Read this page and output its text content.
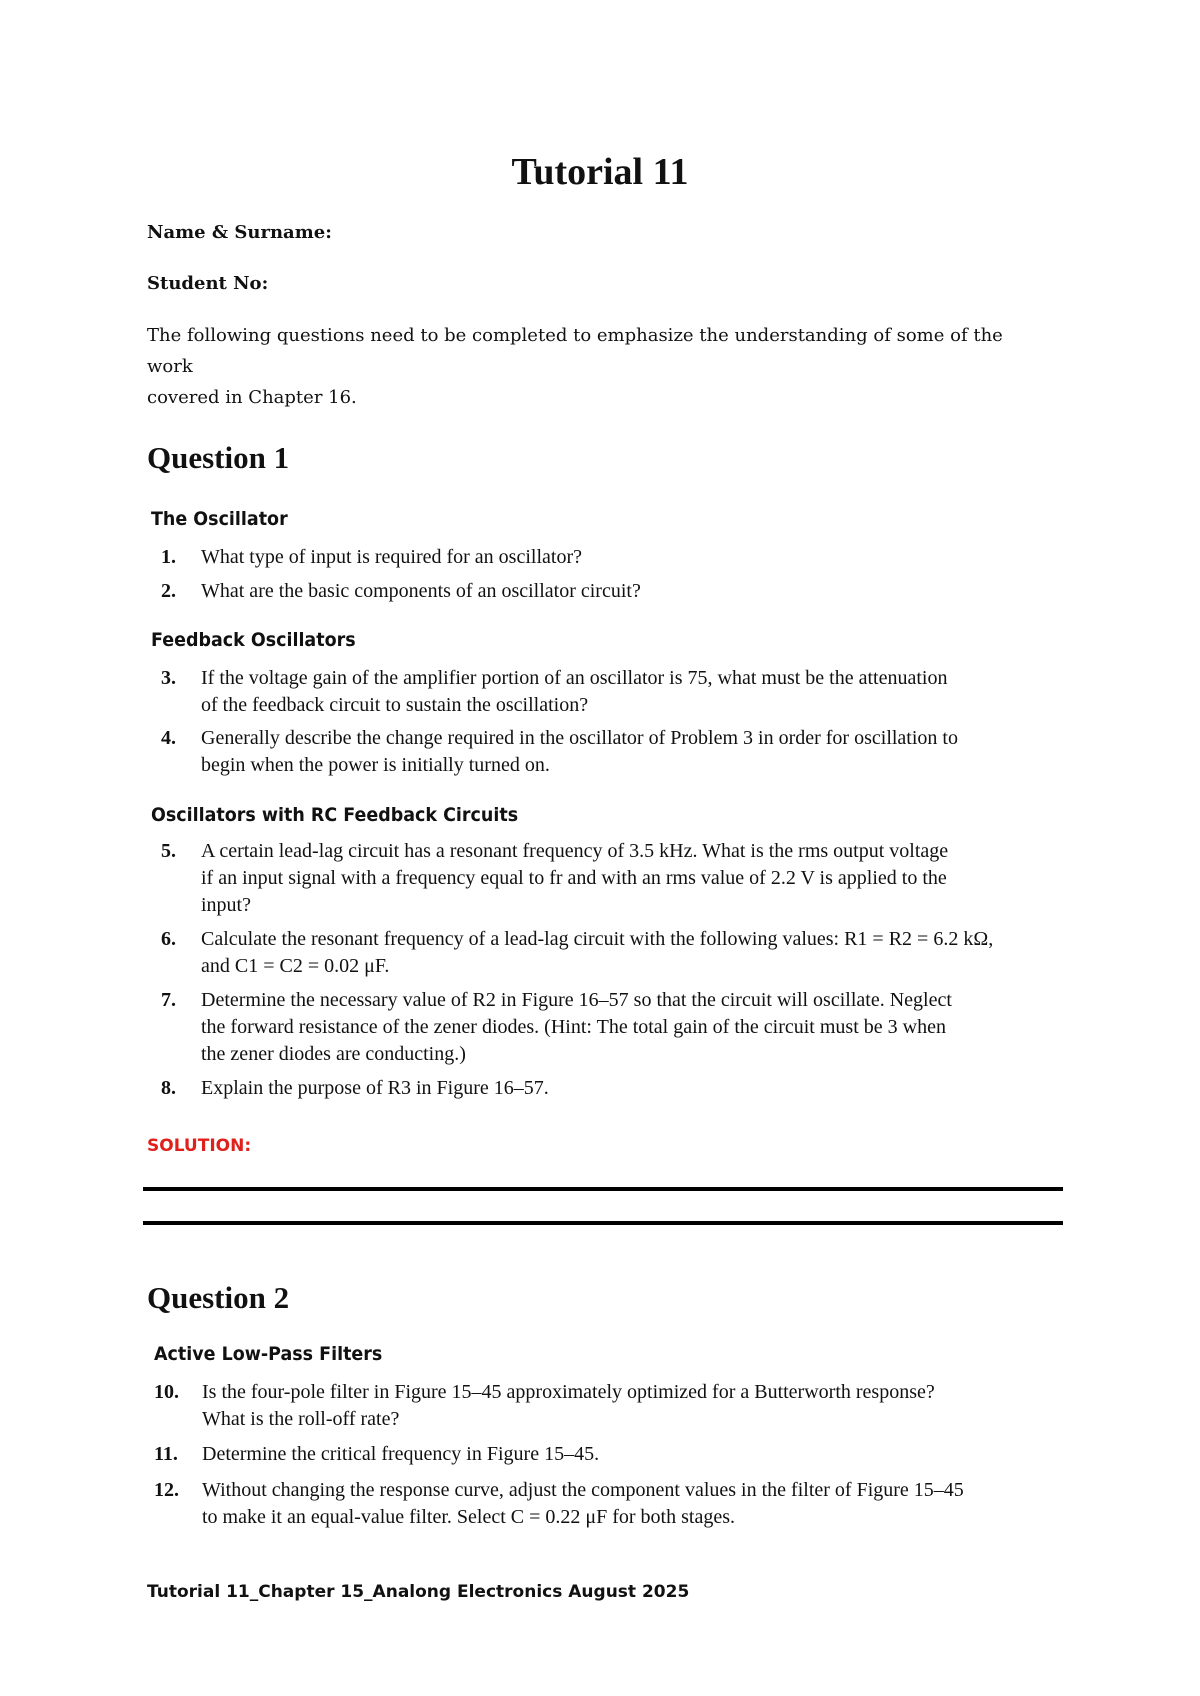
Tutorial 11
Name & Surname:
Student No:
The following questions need to be completed to emphasize the understanding of some of the work
covered in Chapter 16.
Question 1
The Oscillator
1. What type of input is required for an oscillator?
2. What are the basic components of an oscillator circuit?
Feedback Oscillators
3. If the voltage gain of the amplifier portion of an oscillator is 75, what must be the attenuation
of the feedback circuit to sustain the oscillation?
4. Generally describe the change required in the oscillator of Problem 3 in order for oscillation to
begin when the power is initially turned on.
Oscillators with RC Feedback Circuits
5. A certain lead-lag circuit has a resonant frequency of 3.5 kHz. What is the rms output voltage
if an input signal with a frequency equal to fr and with an rms value of 2.2 V is applied to the
input?
6. Calculate the resonant frequency of a lead-lag circuit with the following values: R1 = R2 = 6.2 kΩ,
and C1 = C2 = 0.02 μF.
7. Determine the necessary value of R2 in Figure 16–57 so that the circuit will oscillate. Neglect
the forward resistance of the zener diodes. (Hint: The total gain of the circuit must be 3 when
the zener diodes are conducting.)
8. Explain the purpose of R3 in Figure 16–57.
SOLUTION:
Question 2
Active Low-Pass Filters
10. Is the four-pole filter in Figure 15–45 approximately optimized for a Butterworth response?
What is the roll-off rate?
11. Determine the critical frequency in Figure 15–45.
12. Without changing the response curve, adjust the component values in the filter of Figure 15–45
to make it an equal-value filter. Select C = 0.22 μF for both stages.
Tutorial 11_Chapter 15_Analong Electronics August 2025
